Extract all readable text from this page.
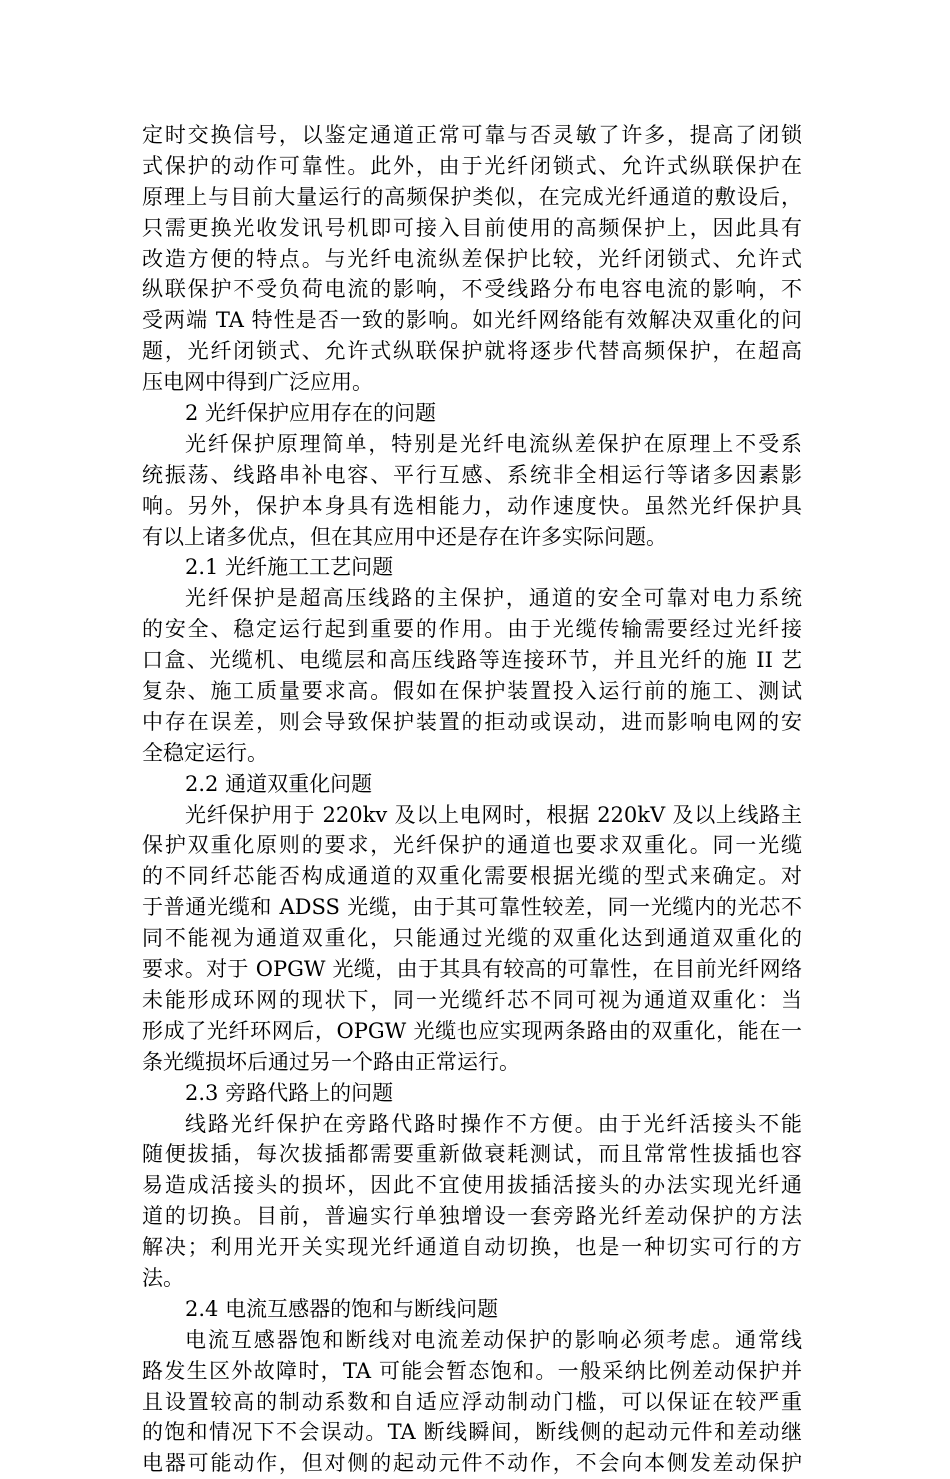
定时交换信号，以鉴定通道正常可靠与否灵敏了许多，提高了闭锁
式保护的动作可靠性。此外，由于光纤闭锁式、允许式纵联保护在
原理上与目前大量运行的高频保护类似，在完成光纤通道的敷设后，
只需更换光收发讯号机即可接入目前使用的高频保护上，因此具有
改造方便的特点。与光纤电流纵差保护比较，光纤闭锁式、允许式
纵联保护不受负荷电流的影响，不受线路分布电容电流的影响，不
受两端 TA 特性是否一致的影响。如光纤网络能有效解决双重化的问
题，光纤闭锁式、允许式纵联保护就将逐步代替高频保护，在超高
压电网中得到广泛应用。
2 光纤保护应用存在的问题
光纤保护原理简单，特别是光纤电流纵差保护在原理上不受系
统振荡、线路串补电容、平行互感、系统非全相运行等诸多因素影
响。另外，保护本身具有选相能力，动作速度快。虽然光纤保护具
有以上诸多优点，但在其应用中还是存在许多实际问题。
2.1 光纤施工工艺问题
光纤保护是超高压线路的主保护，通道的安全可靠对电力系统
的安全、稳定运行起到重要的作用。由于光缆传输需要经过光纤接
口盒、光缆机、电缆层和高压线路等连接环节，并且光纤的施 II 艺
复杂、施工质量要求高。假如在保护装置投入运行前的施工、测试
中存在误差，则会导致保护装置的拒动或误动，进而影响电网的安
全稳定运行。
2.2 通道双重化问题
光纤保护用于 220kv 及以上电网时，根据 220kV 及以上线路主
保护双重化原则的要求，光纤保护的通道也要求双重化。同一光缆
的不同纤芯能否构成通道的双重化需要根据光缆的型式来确定。对
于普通光缆和 ADSS 光缆，由于其可靠性较差，同一光缆内的光芯不
同不能视为通道双重化，只能通过光缆的双重化达到通道双重化的
要求。对于 OPGW 光缆，由于其具有较高的可靠性，在目前光纤网络
未能形成环网的现状下，同一光缆纤芯不同可视为通道双重化：当
形成了光纤环网后，OPGW 光缆也应实现两条路由的双重化，能在一
条光缆损坏后通过另一个路由正常运行。
2.3 旁路代路上的问题
线路光纤保护在旁路代路时操作不方便。由于光纤活接头不能
随便拔插，每次拔插都需要重新做衰耗测试，而且常常性拔插也容
易造成活接头的损坏，因此不宜使用拔插活接头的办法实现光纤通
道的切换。目前，普遍实行单独增设一套旁路光纤差动保护的方法
解决；利用光开关实现光纤通道自动切换，也是一种切实可行的方
法。
2.4 电流互感器的饱和与断线问题
电流互感器饱和断线对电流差动保护的影响必须考虑。通常线
路发生区外故障时，TA 可能会暂态饱和。一般采纳比例差动保护并
且设置较高的制动系数和自适应浮动制动门槛，可以保证在较严重
的饱和情况下不会误动。TA 断线瞬间，断线侧的起动元件和差动继
电器可能动作，但对侧的起动元件不动作，不会向本侧发差动保护
